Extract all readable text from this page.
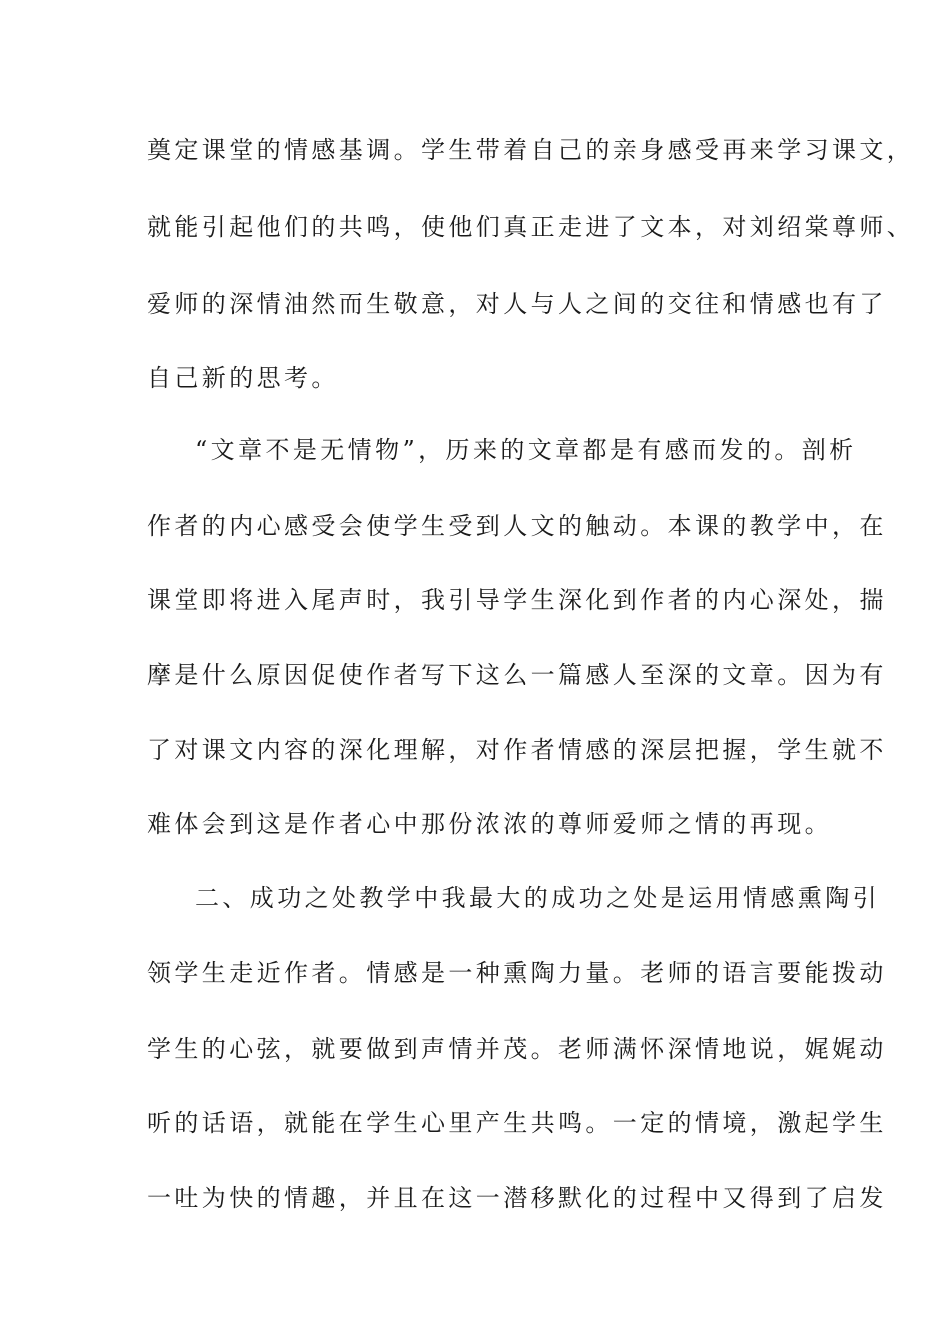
奠定课堂的情感基调。学生带着自己的亲身感受再来学习课文，
就能引起他们的共鸣，使他们真正走进了文本，对刘绍棠尊师、
爱师的深情油然而生敬意，对人与人之间的交往和情感也有了
自己新的思考。
“文章不是无情物”，历来的文章都是有感而发的。剖析
作者的内心感受会使学生受到人文的触动。本课的教学中，在
课堂即将进入尾声时，我引导学生深化到作者的内心深处，揣
摩是什么原因促使作者写下这么一篇感人至深的文章。因为有
了对课文内容的深化理解，对作者情感的深层把握，学生就不
难体会到这是作者心中那份浓浓的尊师爱师之情的再现。
二、成功之处教学中我最大的成功之处是运用情感熏陶引
领学生走近作者。情感是一种熏陶力量。老师的语言要能拨动
学生的心弦，就要做到声情并茂。老师满怀深情地说，娓娓动
听的话语，就能在学生心里产生共鸣。一定的情境，激起学生
一吐为快的情趣，并且在这一潜移默化的过程中又得到了启发
